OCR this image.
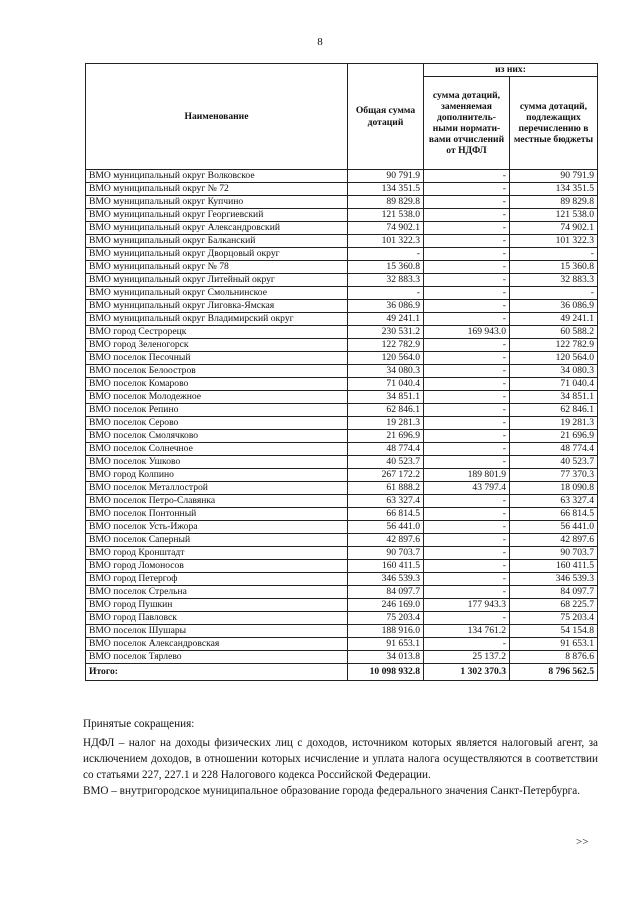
8
Наименование	Общая сумма дотаций	из них:	
		сумма дотаций, заменяемая дополнитель-ными нормати-вами отчислений от НДФЛ	сумма дотаций, подлежащих перечислению в местные бюджеты
ВМО муниципальный округ Волковское	90 791.9	-	90 791.9
ВМО муниципальный округ № 72	134 351.5	-	134 351.5
ВМО муниципальный округ Купчино	89 829.8	-	89 829.8
ВМО муниципальный округ Георгиевский	121 538.0	-	121 538.0
ВМО муниципальный округ Александровский	74 902.1	-	74 902.1
ВМО муниципальный округ Балканский	101 322.3	-	101 322.3
ВМО муниципальный округ Дворцовый округ	-	-	-
ВМО муниципальный округ № 78	15 360.8	-	15 360.8
ВМО муниципальный округ Литейный округ	32 883.3	-	32 883.3
ВМО муниципальный округ Смольнинское	-	-	-
ВМО муниципальный округ Лиговка-Ямская	36 086.9	-	36 086.9
ВМО муниципальный округ Владимирский округ	49 241.1	-	49 241.1
ВМО город Сестрорецк	230 531.2	169 943.0	60 588.2
ВМО город Зеленогорск	122 782.9	-	122 782.9
ВМО поселок Песочный	120 564.0	-	120 564.0
ВМО поселок Белоостров	34 080.3	-	34 080.3
ВМО поселок Комарово	71 040.4	-	71 040.4
ВМО поселок Молодежное	34 851.1	-	34 851.1
ВМО поселок Репино	62 846.1	-	62 846.1
ВМО поселок Серово	19 281.3	-	19 281.3
ВМО поселок Смолячково	21 696.9	-	21 696.9
ВМО поселок Солнечное	48 774.4	-	48 774.4
ВМО поселок Ушково	40 523.7	-	40 523.7
ВМО город Колпино	267 172.2	189 801.9	77 370.3
ВМО поселок Металлострой	61 888.2	43 797.4	18 090.8
ВМО поселок Петро-Славянка	63 327.4	-	63 327.4
ВМО поселок Понтонный	66 814.5	-	66 814.5
ВМО поселок Усть-Ижора	56 441.0	-	56 441.0
ВМО поселок Саперный	42 897.6	-	42 897.6
ВМО город Кронштадт	90 703.7	-	90 703.7
ВМО город Ломоносов	160 411.5	-	160 411.5
ВМО город Петергоф	346 539.3	-	346 539.3
ВМО поселок Стрельна	84 097.7	-	84 097.7
ВМО город Пушкин	246 169.0	177 943.3	68 225.7
ВМО город Павловск	75 203.4	-	75 203.4
ВМО поселок Шушары	188 916.0	134 761.2	54 154.8
ВМО поселок Александровская	91 653.1	-	91 653.1
ВМО поселок Тярлево	34 013.8	25 137.2	8 876.6
Итого:	10 098 932.8	1 302 370.3	8 796 562.5

Принятые сокращения:

НДФЛ – налог на доходы физических лиц с доходов, источником которых является налоговый агент, за исключением доходов, в отношении которых исчисление и уплата налога осуществляются в соответствии со статьями 227, 227.1 и 228 Налогового кодекса Российской Федерации.

ВМО – внутригородское муниципальное образование города федерального значения Санкт-Петербурга.

>>
